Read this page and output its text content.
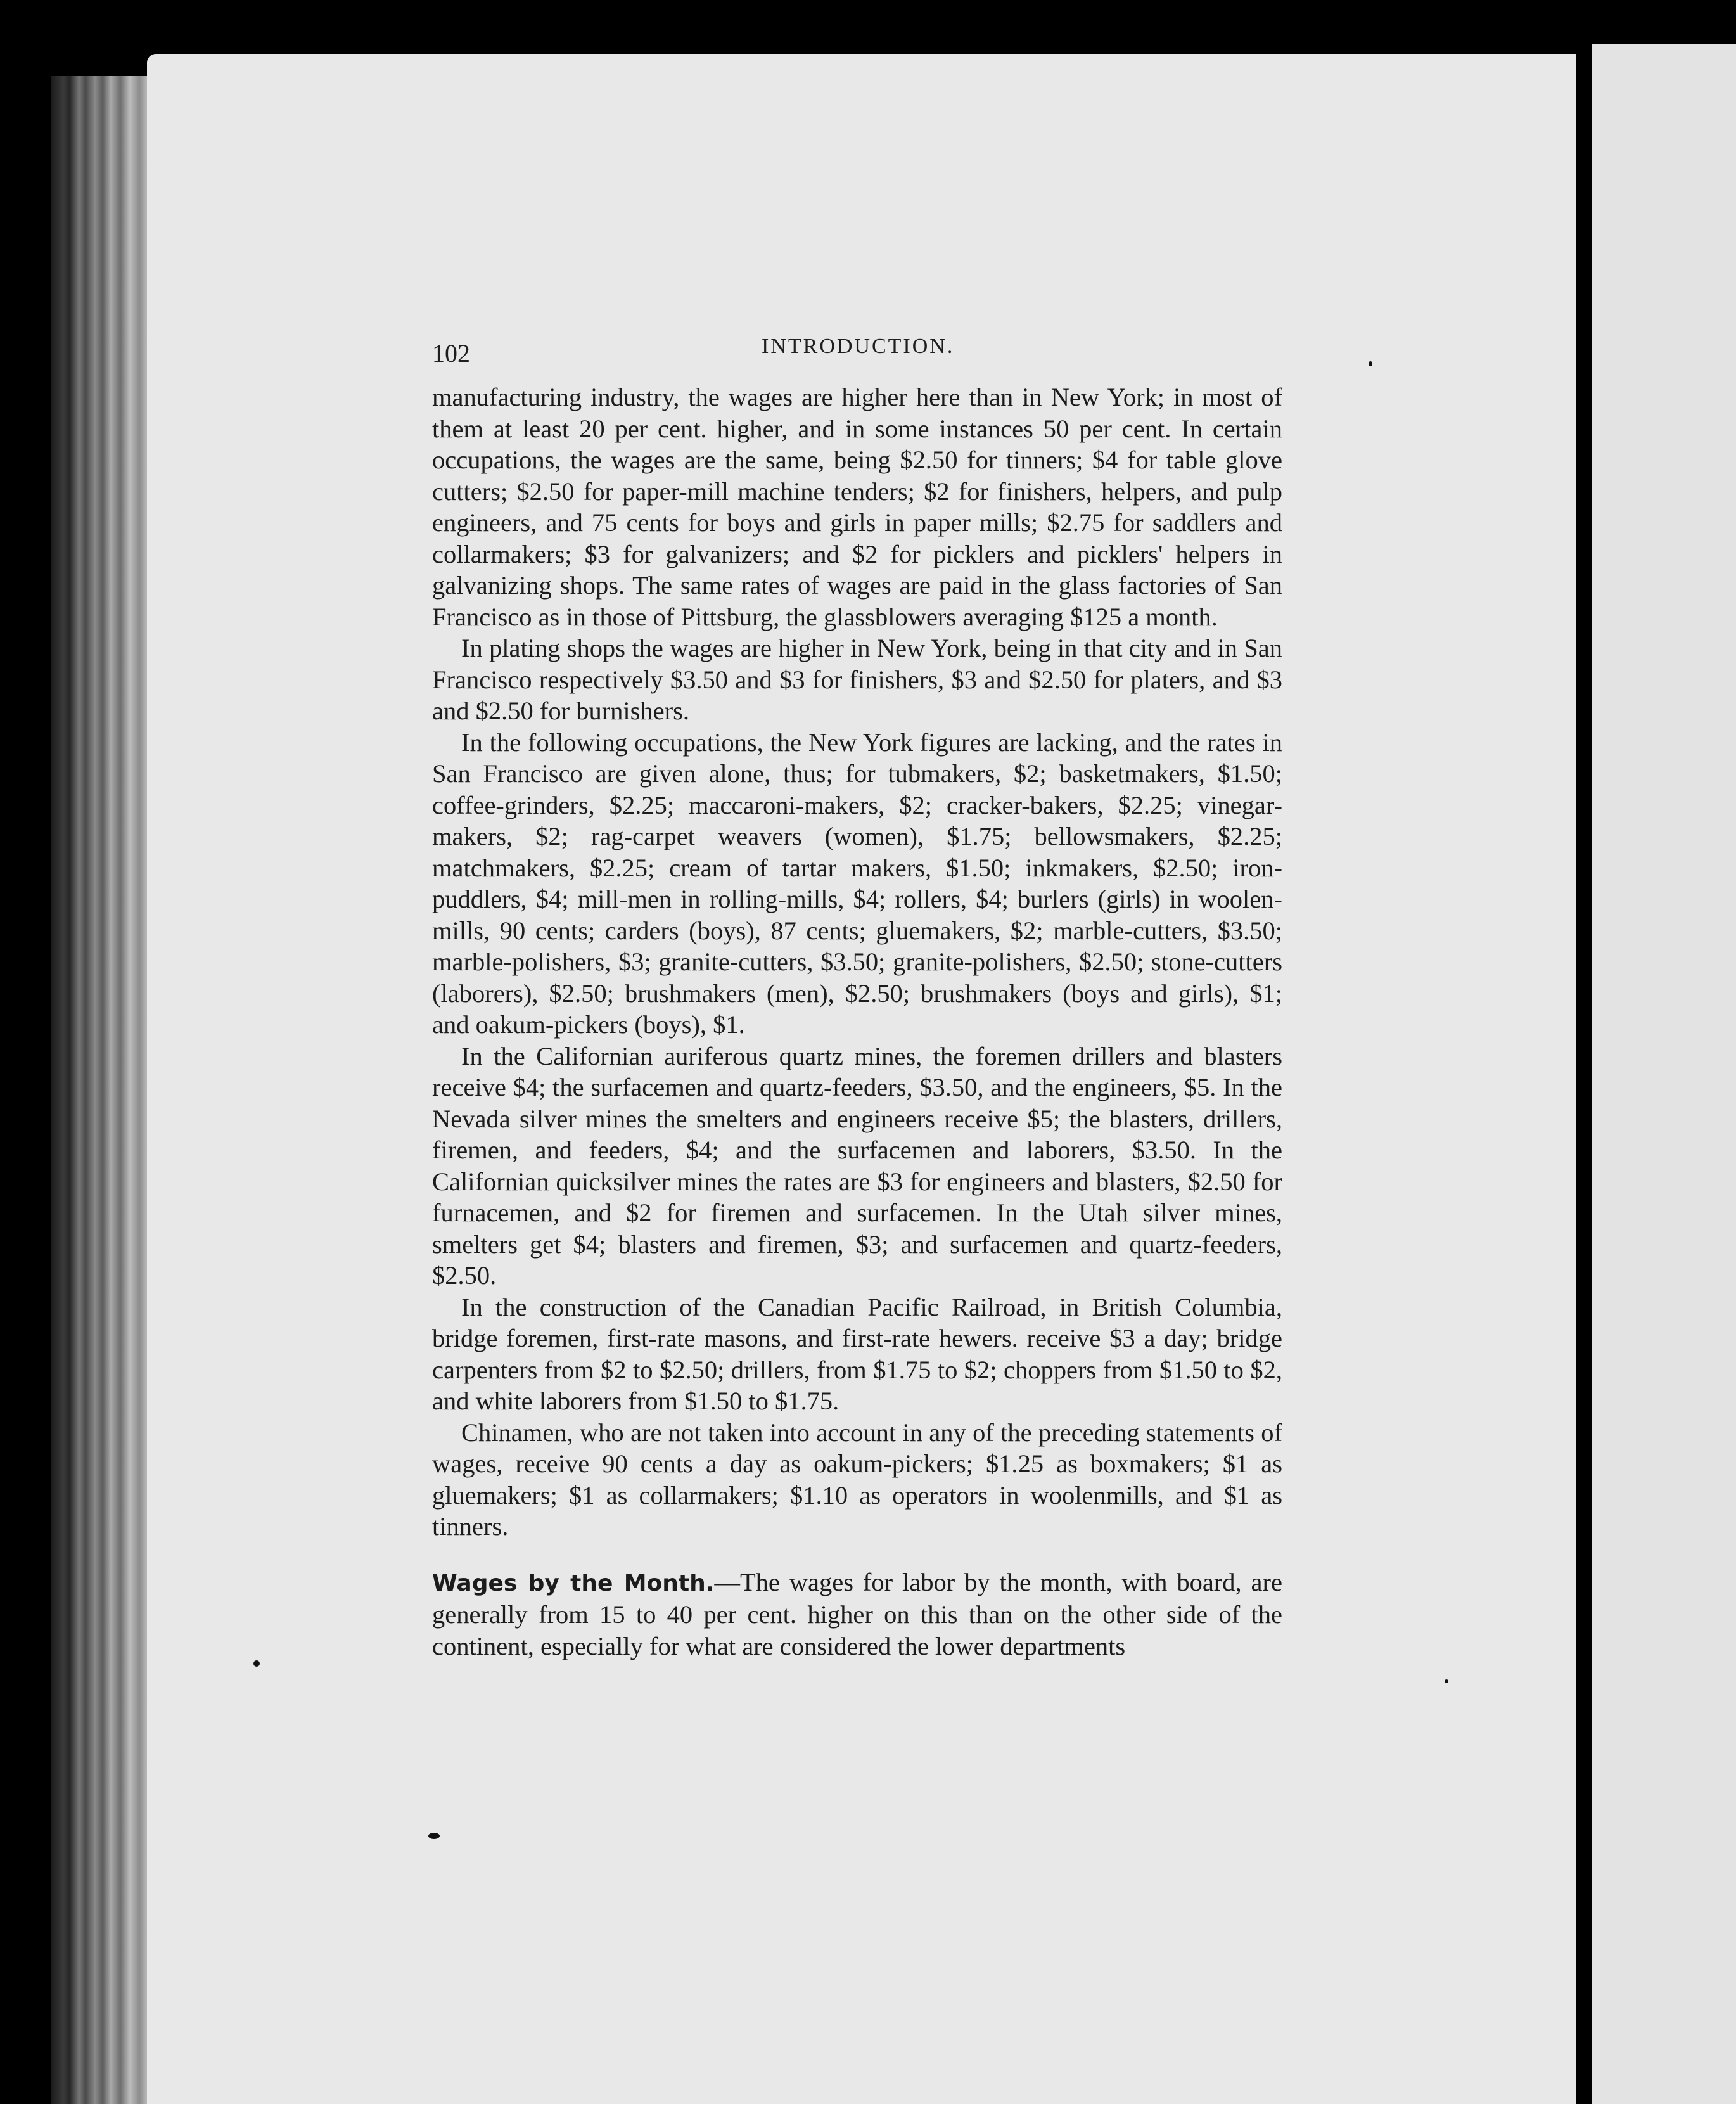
102	INTRODUCTION.

manufacturing industry, the wages are higher here than in New York; in most of them at least 20 per cent. higher, and in some instances 50 per cent. In certain occupations, the wages are the same, being $2.50 for tinners; $4 for table glove cutters; $2.50 for paper-mill machine tenders; $2 for finishers, helpers, and pulp engineers, and 75 cents for boys and girls in paper mills; $2.75 for saddlers and collarmakers; $3 for galvanizers; and $2 for picklers and picklers' helpers in galvanizing shops. The same rates of wages are paid in the glass factories of San Francisco as in those of Pittsburg, the glassblowers averaging $125 a month.

In plating shops the wages are higher in New York, being in that city and in San Francisco respectively $3.50 and $3 for finishers, $3 and $2.50 for platers, and $3 and $2.50 for burnishers.

In the following occupations, the New York figures are lacking, and the rates in San Francisco are given alone, thus; for tubmakers, $2; basketmakers, $1.50; coffee-grinders, $2.25; maccaroni-makers, $2; cracker-bakers, $2.25; vinegar-makers, $2; rag-carpet weavers (women), $1.75; bellowsmakers, $2.25; matchmakers, $2.25; cream of tartar makers, $1.50; inkmakers, $2.50; iron-puddlers, $4; mill-men in rolling-mills, $4; rollers, $4; burlers (girls) in woolen-mills, 90 cents; carders (boys), 87 cents; gluemakers, $2; marble-cutters, $3.50; marble-polishers, $3; granite-cutters, $3.50; granite-polishers, $2.50; stone-cutters (laborers), $2.50; brushmakers (men), $2.50; brushmakers (boys and girls), $1; and oakum-pickers (boys), $1.

In the Californian auriferous quartz mines, the foremen drillers and blasters receive $4; the surfacemen and quartz-feeders, $3.50, and the engineers, $5. In the Nevada silver mines the smelters and engineers receive $5; the blasters, drillers, firemen, and feeders, $4; and the surfacemen and laborers, $3.50. In the Californian quicksilver mines the rates are $3 for engineers and blasters, $2.50 for furnacemen, and $2 for firemen and surfacemen. In the Utah silver mines, smelters get $4; blasters and firemen, $3; and surfacemen and quartz-feeders, $2.50.

In the construction of the Canadian Pacific Railroad, in British Columbia, bridge foremen, first-rate masons, and first-rate hewers. receive $3 a day; bridge carpenters from $2 to $2.50; drillers, from $1.75 to $2; choppers from $1.50 to $2, and white laborers from $1.50 to $1.75.

Chinamen, who are not taken into account in any of the preceding statements of wages, receive 90 cents a day as oakum-pickers; $1.25 as boxmakers; $1 as gluemakers; $1 as collarmakers; $1.10 as operators in woolenmills, and $1 as tinners.

Wages by the Month.—The wages for labor by the month, with board, are generally from 15 to 40 per cent. higher on this than on the other side of the continent, especially for what are considered the lower departments
